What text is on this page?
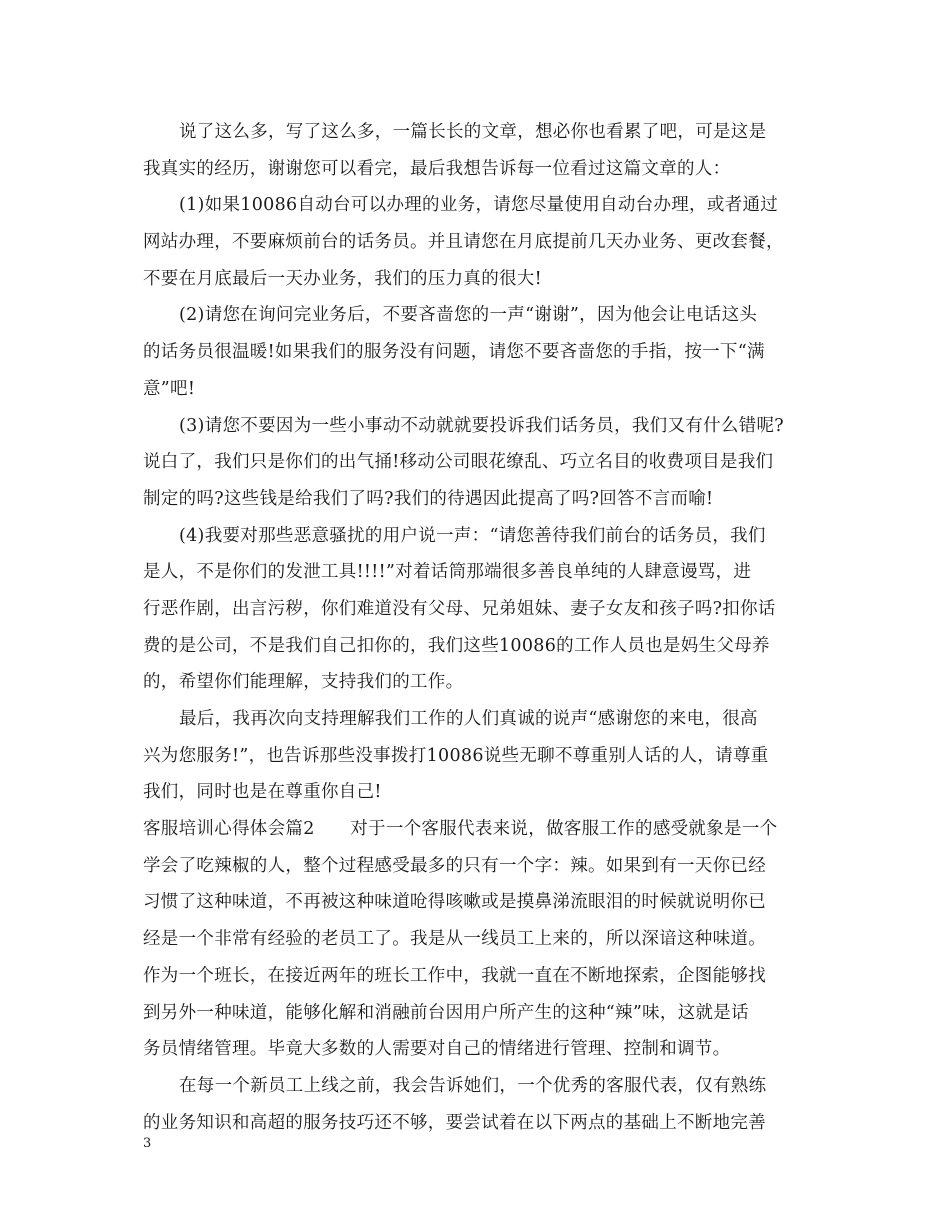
说了这么多，写了这么多，一篇长长的文章，想必你也看累了吧，可是这是
我真实的经历，谢谢您可以看完，最后我想告诉每一位看过这篇文章的人：
(1)如果10086自动台可以办理的业务，请您尽量使用自动台办理，或者通过
网站办理，不要麻烦前台的话务员。并且请您在月底提前几天办业务、更改套餐，
不要在月底最后一天办业务，我们的压力真的很大!
(2)请您在询问完业务后，不要吝啬您的一声“谢谢”，因为他会让电话这头
的话务员很温暖!如果我们的服务没有问题，请您不要吝啬您的手指，按一下“满
意”吧!
(3)请您不要因为一些小事动不动就就要投诉我们话务员，我们又有什么错呢?
说白了，我们只是你们的出气捅!移动公司眼花缭乱、巧立名目的收费项目是我们
制定的吗?这些钱是给我们了吗?我们的待遇因此提高了吗?回答不言而喻!
(4)我要对那些恶意骚扰的用户说一声：“请您善待我们前台的话务员，我们
是人，不是你们的发泄工具!!!!”对着话筒那端很多善良单纯的人肆意谩骂，进
行恶作剧，出言污秽，你们难道没有父母、兄弟姐妹、妻子女友和孩子吗?扣你话
费的是公司，不是我们自己扣你的，我们这些10086的工作人员也是妈生父母养
的，希望你们能理解，支持我们的工作。
最后，我再次向支持理解我们工作的人们真诚的说声“感谢您的来电，很高
兴为您服务!”，也告诉那些没事拨打10086说些无聊不尊重别人话的人，请尊重
我们，同时也是在尊重你自己!
客服培训心得体会篇2　　对于一个客服代表来说，做客服工作的感受就象是一个
学会了吃辣椒的人，整个过程感受最多的只有一个字：辣。如果到有一天你已经
习惯了这种味道，不再被这种味道呛得咳嗽或是摸鼻涕流眼泪的时候就说明你已
经是一个非常有经验的老员工了。我是从一线员工上来的，所以深谙这种味道。
作为一个班长，在接近两年的班长工作中，我就一直在不断地探索，企图能够找
到另外一种味道，能够化解和消融前台因用户所产生的这种“辣”味，这就是话
务员情绪管理。毕竟大多数的人需要对自己的情绪进行管理、控制和调节。
在每一个新员工上线之前，我会告诉她们，一个优秀的客服代表，仅有熟练
的业务知识和高超的服务技巧还不够，要尝试着在以下两点的基础上不断地完善
3
